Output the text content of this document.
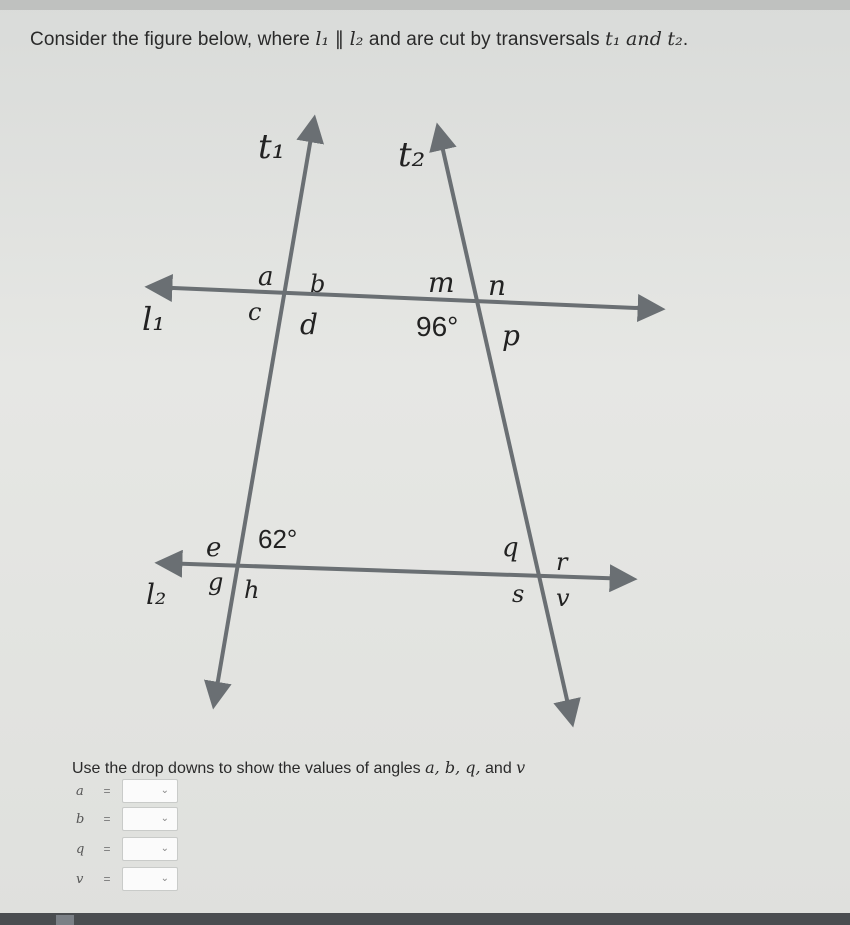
Consider the figure below, where l₁ ∥ l₂ and are cut by transversals t₁ and t₂.
t₁	t₂
l₁
l₂
a b
c d
m n
96° p
e 62°
g h
q r
s v
Use the drop downs to show the values of angles a, b, q, and v
a	=	⌄
b	=	⌄
q	=	⌄
v	=	⌄
